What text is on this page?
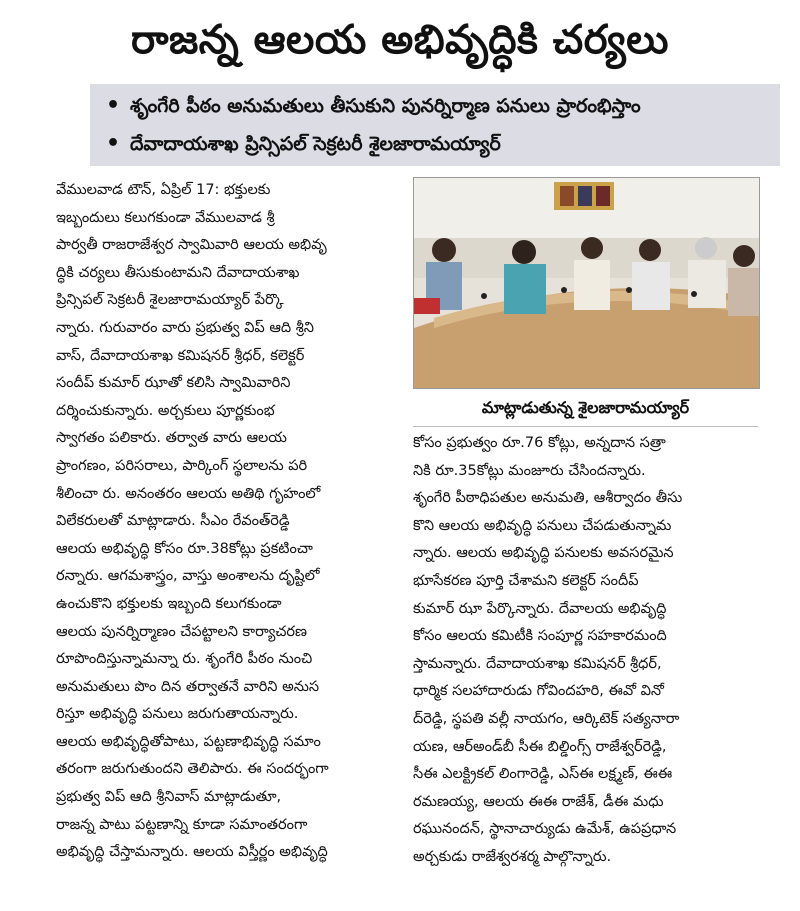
రాజన్న ఆలయ అభివృద్ధికి చర్యలు
• శృంగేరి పీఠం అనుమతులు తీసుకుని పునర్నిర్మాణ పనులు ప్రారంభిస్తాం
• దేవాదాయశాఖ ప్రిన్సిపల్ సెక్రటరీ శైలజారామయ్యార్
వేములవాడ టౌన్, ఏప్రిల్ 17: భక్తులకు
ఇబ్బందులు కలుగకుండా వేములవాడ శ్రీ
పార్వతీ రాజరాజేశ్వర స్వామివారి ఆలయ అభివృ
ద్ధికి చర్యలు తీసుకుంటామని దేవాదాయశాఖ
ప్రిన్సిపల్ సెక్రటరీ శైలజారామయ్యార్ పేర్కొ
న్నారు. గురువారం వారు ప్రభుత్వ విప్ ఆది శ్రీని
వాస్, దేవాదాయశాఖ కమిషనర్ శ్రీధర్, కలెక్టర్
సందీప్ కుమార్ ఝాతో కలిసి స్వామివారిని
దర్శించుకున్నారు. అర్చకులు పూర్ణకుంభ
స్వాగతం పలికారు. తర్వాత వారు ఆలయ
ప్రాంగణం, పరిసరాలు, పార్కింగ్ స్థలాలను పరి
శీలించా రు. అనంతరం ఆలయ అతిథి గృహంలో
విలేకరులతో మాట్లాడారు. సీఎం రేవంత్‌రెడ్డి
ఆలయ అభివృద్ధి కోసం రూ.38కోట్లు ప్రకటించా
రన్నారు. ఆగమశాస్త్రం, వాస్తు అంశాలను దృష్టిలో
ఉంచుకొని భక్తులకు ఇబ్బంది కలుగకుండా
ఆలయ పునర్నిర్మాణం చేపట్టాలని కార్యాచరణ
రూపొందిస్తున్నామన్నా రు. శృంగేరి పీఠం నుంచి
అనుమతులు పొం దిన తర్వాతనే వారిని అనుస
రిస్తూ అభివృద్ధి పనులు జరుగుతాయన్నారు.
ఆలయ అభివృద్ధితోపాటు, పట్టణాభివృద్ధి సమాం
తరంగా జరుగుతుందని తెలిపారు. ఈ సందర్భంగా
ప్రభుత్వ విప్ ఆది శ్రీనివాస్ మాట్లాడుతూ,
రాజన్న పాటు పట్టణాన్ని కూడా సమాంతరంగా
అభివృద్ధి చేస్తామన్నారు. ఆలయ విస్తీర్ణం అభివృద్ధి
మాట్లాడుతున్న శైలజారామయ్యార్
కోసం ప్రభుత్వం రూ.76 కోట్లు, అన్నదాన సత్రా
నికి రూ.35కోట్లు మంజూరు చేసిందన్నారు.
శృంగేరి పీఠాధిపతుల అనుమతి, ఆశీర్వాదం తీసు
కొని ఆలయ అభివృద్ధి పనులు చేపడుతున్నామ
న్నారు. ఆలయ అభివృద్ధి పనులకు అవసరమైన
భూసేకరణ పూర్తి చేశామని కలెక్టర్ సందీప్
కుమార్ ఝా పేర్కొన్నారు. దేవాలయ అభివృద్ధి
కోసం ఆలయ కమిటీకి సంపూర్ణ సహకారమంది
స్తామన్నారు. దేవాదాయశాఖ కమిషనర్ శ్రీధర్,
ధార్మిక సలహాదారుడు గోవిందహరి, ఈవో వినో
ద్‌రెడ్డి, స్థపతి వల్లీ నాయగం, ఆర్కిటెక్ సత్యనారా
యణ, ఆర్‌అండ్‌బీ సీఈ బిల్డింగ్స్ రాజేశ్వర్‌రెడ్డి,
సీఈ ఎలక్ట్రికల్ లింగారెడ్డి, ఎస్‌ఈ లక్ష్మణ్, ఈఈ
రమణయ్య, ఆలయ ఈఈ రాజేశ్, డీఈ మధు
రఘునందన్, స్థానాచార్యుడు ఉమేశ్, ఉపప్రధాన
అర్చకుడు రాజేశ్వరశర్మ పాల్గొన్నారు.
